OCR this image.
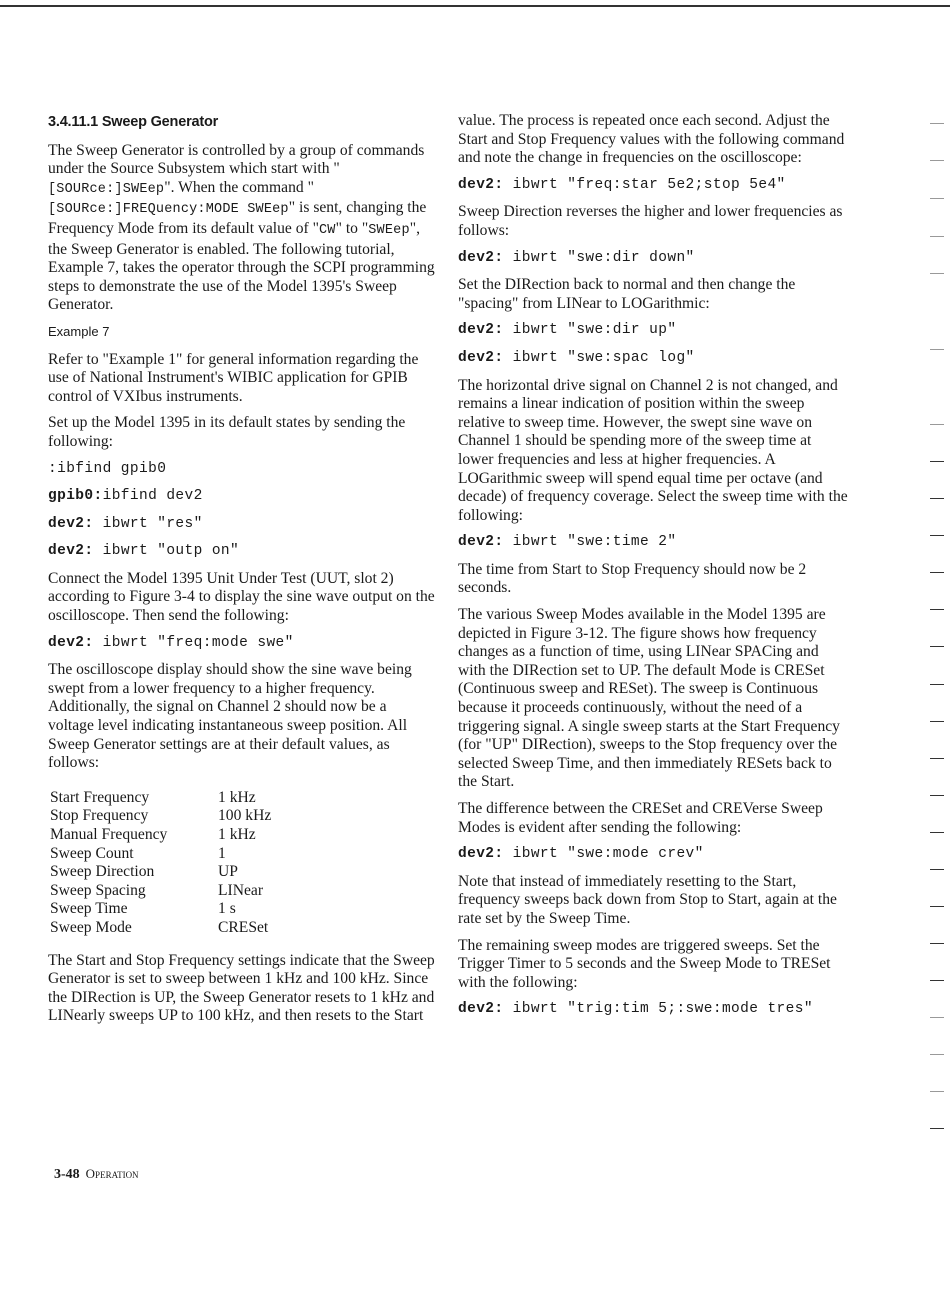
3.4.11.1 Sweep Generator

The Sweep Generator is controlled by a group of commands under the Source Subsystem which start with "[SOURce:]SWEep". When the command "[SOURce:]FREQuency:MODE SWEep" is sent, changing the Frequency Mode from its default value of "CW" to "SWEep", the Sweep Generator is enabled. The following tutorial, Example 7, takes the operator through the SCPI programming steps to demonstrate the use of the Model 1395's Sweep Generator.

Example 7

Refer to "Example 1" for general information regarding the use of National Instrument's WIBIC application for GPIB control of VXIbus instruments.

Set up the Model 1395 in its default states by sending the following:

:ibfind gpib0
gpib0:ibfind dev2
dev2: ibwrt "res"
dev2: ibwrt "outp on"

Connect the Model 1395 Unit Under Test (UUT, slot 2) according to Figure 3-4 to display the sine wave output on the oscilloscope. Then send the following:

dev2: ibwrt "freq:mode swe"

The oscilloscope display should show the sine wave being swept from a lower frequency to a higher frequency. Additionally, the signal on Channel 2 should now be a voltage level indicating instantaneous sweep position. All Sweep Generator settings are at their default values, as follows:

Start Frequency	1 kHz
Stop Frequency	100 kHz
Manual Frequency	1 kHz
Sweep Count	1
Sweep Direction	UP
Sweep Spacing	LINear
Sweep Time	1 s
Sweep Mode	CRESet

The Start and Stop Frequency settings indicate that the Sweep Generator is set to sweep between 1 kHz and 100 kHz. Since the DIRection is UP, the Sweep Generator resets to 1 kHz and LINearly sweeps UP to 100 kHz, and then resets to the Start

value. The process is repeated once each second. Adjust the Start and Stop Frequency values with the following command and note the change in frequencies on the oscilloscope:

dev2: ibwrt "freq:star 5e2;stop 5e4"

Sweep Direction reverses the higher and lower frequencies as follows:

dev2: ibwrt "swe:dir down"

Set the DIRection back to normal and then change the "spacing" from LINear to LOGarithmic:

dev2: ibwrt "swe:dir up"
dev2: ibwrt "swe:spac log"

The horizontal drive signal on Channel 2 is not changed, and remains a linear indication of position within the sweep relative to sweep time. However, the swept sine wave on Channel 1 should be spending more of the sweep time at lower frequencies and less at higher frequencies. A LOGarithmic sweep will spend equal time per octave (and decade) of frequency coverage. Select the sweep time with the following:

dev2: ibwrt "swe:time 2"

The time from Start to Stop Frequency should now be 2 seconds.

The various Sweep Modes available in the Model 1395 are depicted in Figure 3-12. The figure shows how frequency changes as a function of time, using LINear SPACing and with the DIRection set to UP. The default Mode is CRESet (Continuous sweep and RESet). The sweep is Continuous because it proceeds continuously, without the need of a triggering signal. A single sweep starts at the Start Frequency (for "UP" DIRection), sweeps to the Stop frequency over the selected Sweep Time, and then immediately RESets back to the Start.

The difference between the CRESet and CREVerse Sweep Modes is evident after sending the following:

dev2: ibwrt "swe:mode crev"

Note that instead of immediately resetting to the Start, frequency sweeps back down from Stop to Start, again at the rate set by the Sweep Time.

The remaining sweep modes are triggered sweeps. Set the Trigger Timer to 5 seconds and the Sweep Mode to TRESet with the following:

dev2: ibwrt "trig:tim 5;:swe:mode tres"
3-48 Operation
